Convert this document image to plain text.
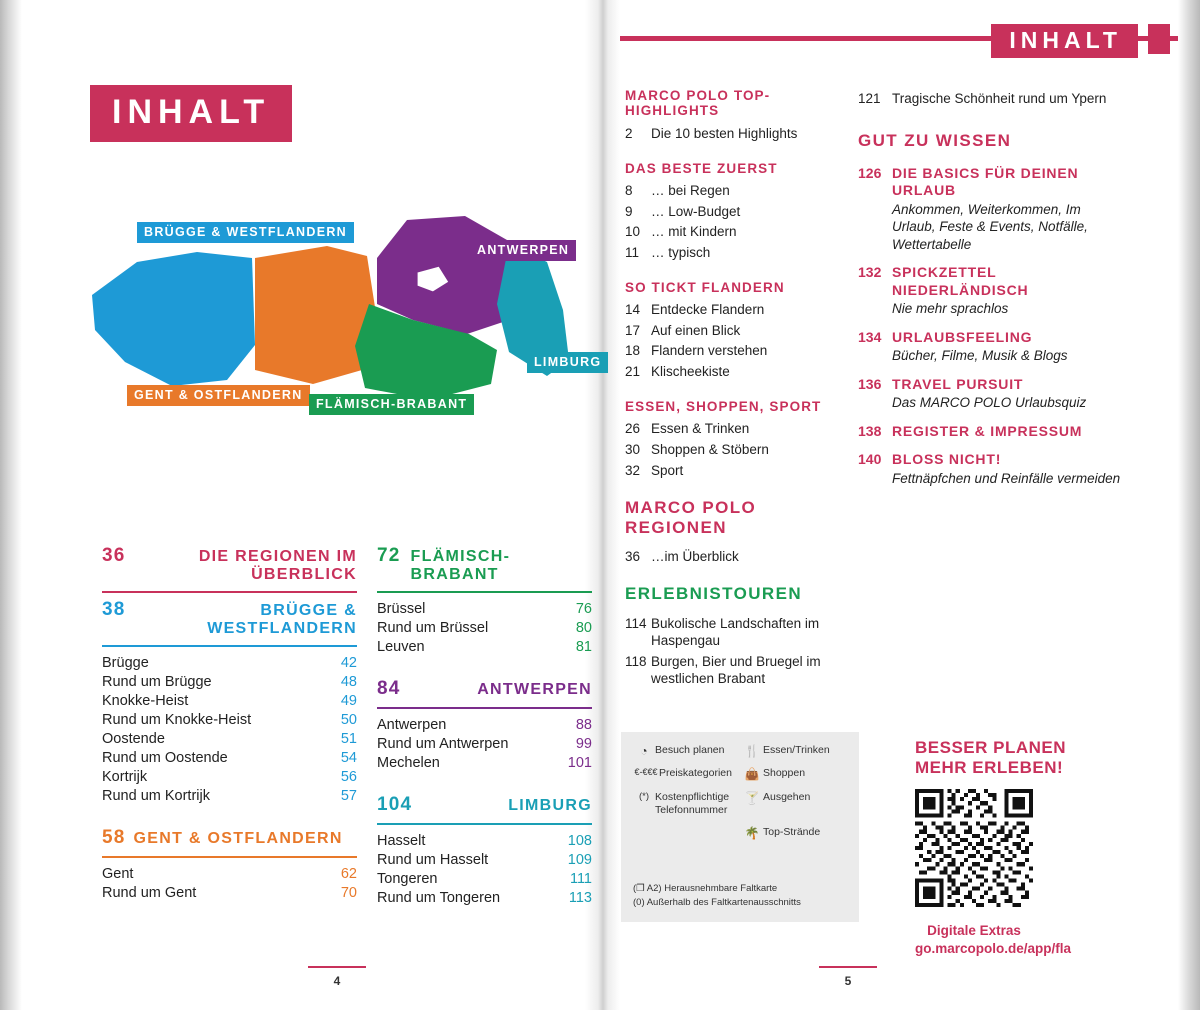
INHALT
BRÜGGE & WESTFLANDERN
ANTWERPEN
LIMBURG
GENT & OSTFLANDERN
FLÄMISCH-BRABANT
36	DIE REGIONEN IM ÜBERBLICK
38	BRÜGGE & WESTFLANDERN
Brügge	42
Rund um Brügge	48
Knokke-Heist	49
Rund um Knokke-Heist	50
Oostende	51
Rund um Oostende	54
Kortrijk	56
Rund um Kortrijk	57
58 GENT & OSTFLANDERN
Gent	62
Rund um Gent	70
72 FLÄMISCH-BRABANT
Brüssel	76
Rund um Brüssel	80
Leuven	81
84	ANTWERPEN
Antwerpen	88
Rund um Antwerpen	99
Mechelen	101
104	LIMBURG
Hasselt	108
Rund um Hasselt	109
Tongeren	111
Rund um Tongeren	113
4
INHALT
MARCO POLO TOP-HIGHLIGHTS
2	Die 10 besten Highlights
DAS BESTE ZUERST
8	… bei Regen
9	… Low-Budget
10 … mit Kindern
11 … typisch
SO TICKT FLANDERN
14 Entdecke Flandern
17 Auf einen Blick
18 Flandern verstehen
21 Klischeekiste
ESSEN, SHOPPEN, SPORT
26 Essen & Trinken
30 Shoppen & Stöbern
32 Sport
MARCO POLO REGIONEN
36 …im Überblick
ERLEBNISTOUREN
114 Bukolische Landschaften im Haspengau
118 Burgen, Bier und Bruegel im westlichen Brabant
121 Tragische Schönheit rund um Ypern
GUT ZU WISSEN
126 DIE BASICS FÜR DEINEN URLAUB
Ankommen, Weiterkommen, Im Urlaub, Feste & Events, Notfälle, Wettertabelle
132 SPICKZETTEL NIEDERLÄNDISCH
Nie mehr sprachlos
134 URLAUBSFEELING
Bücher, Filme, Musik & Blogs
136 TRAVEL PURSUIT
Das MARCO POLO Urlaubsquiz
138 REGISTER & IMPRESSUM
140 BLOSS NICHT!
Fettnäpfchen und Reinfälle vermeiden
◔ Besuch planen	🍴 Essen/Trinken
€-€€€ Preiskategorien	👜 Shoppen
(*) Kostenpflichtige Telefonnummer
🍸 Ausgehen
🌴 Top-Strände
(❒ A2) Herausnehmbare Faltkarte
(0) Außerhalb des Faltkartenausschnitts
BESSER PLANEN
MEHR ERLEBEN!
Digitale Extras
go.marcopolo.de/app/fla
5
